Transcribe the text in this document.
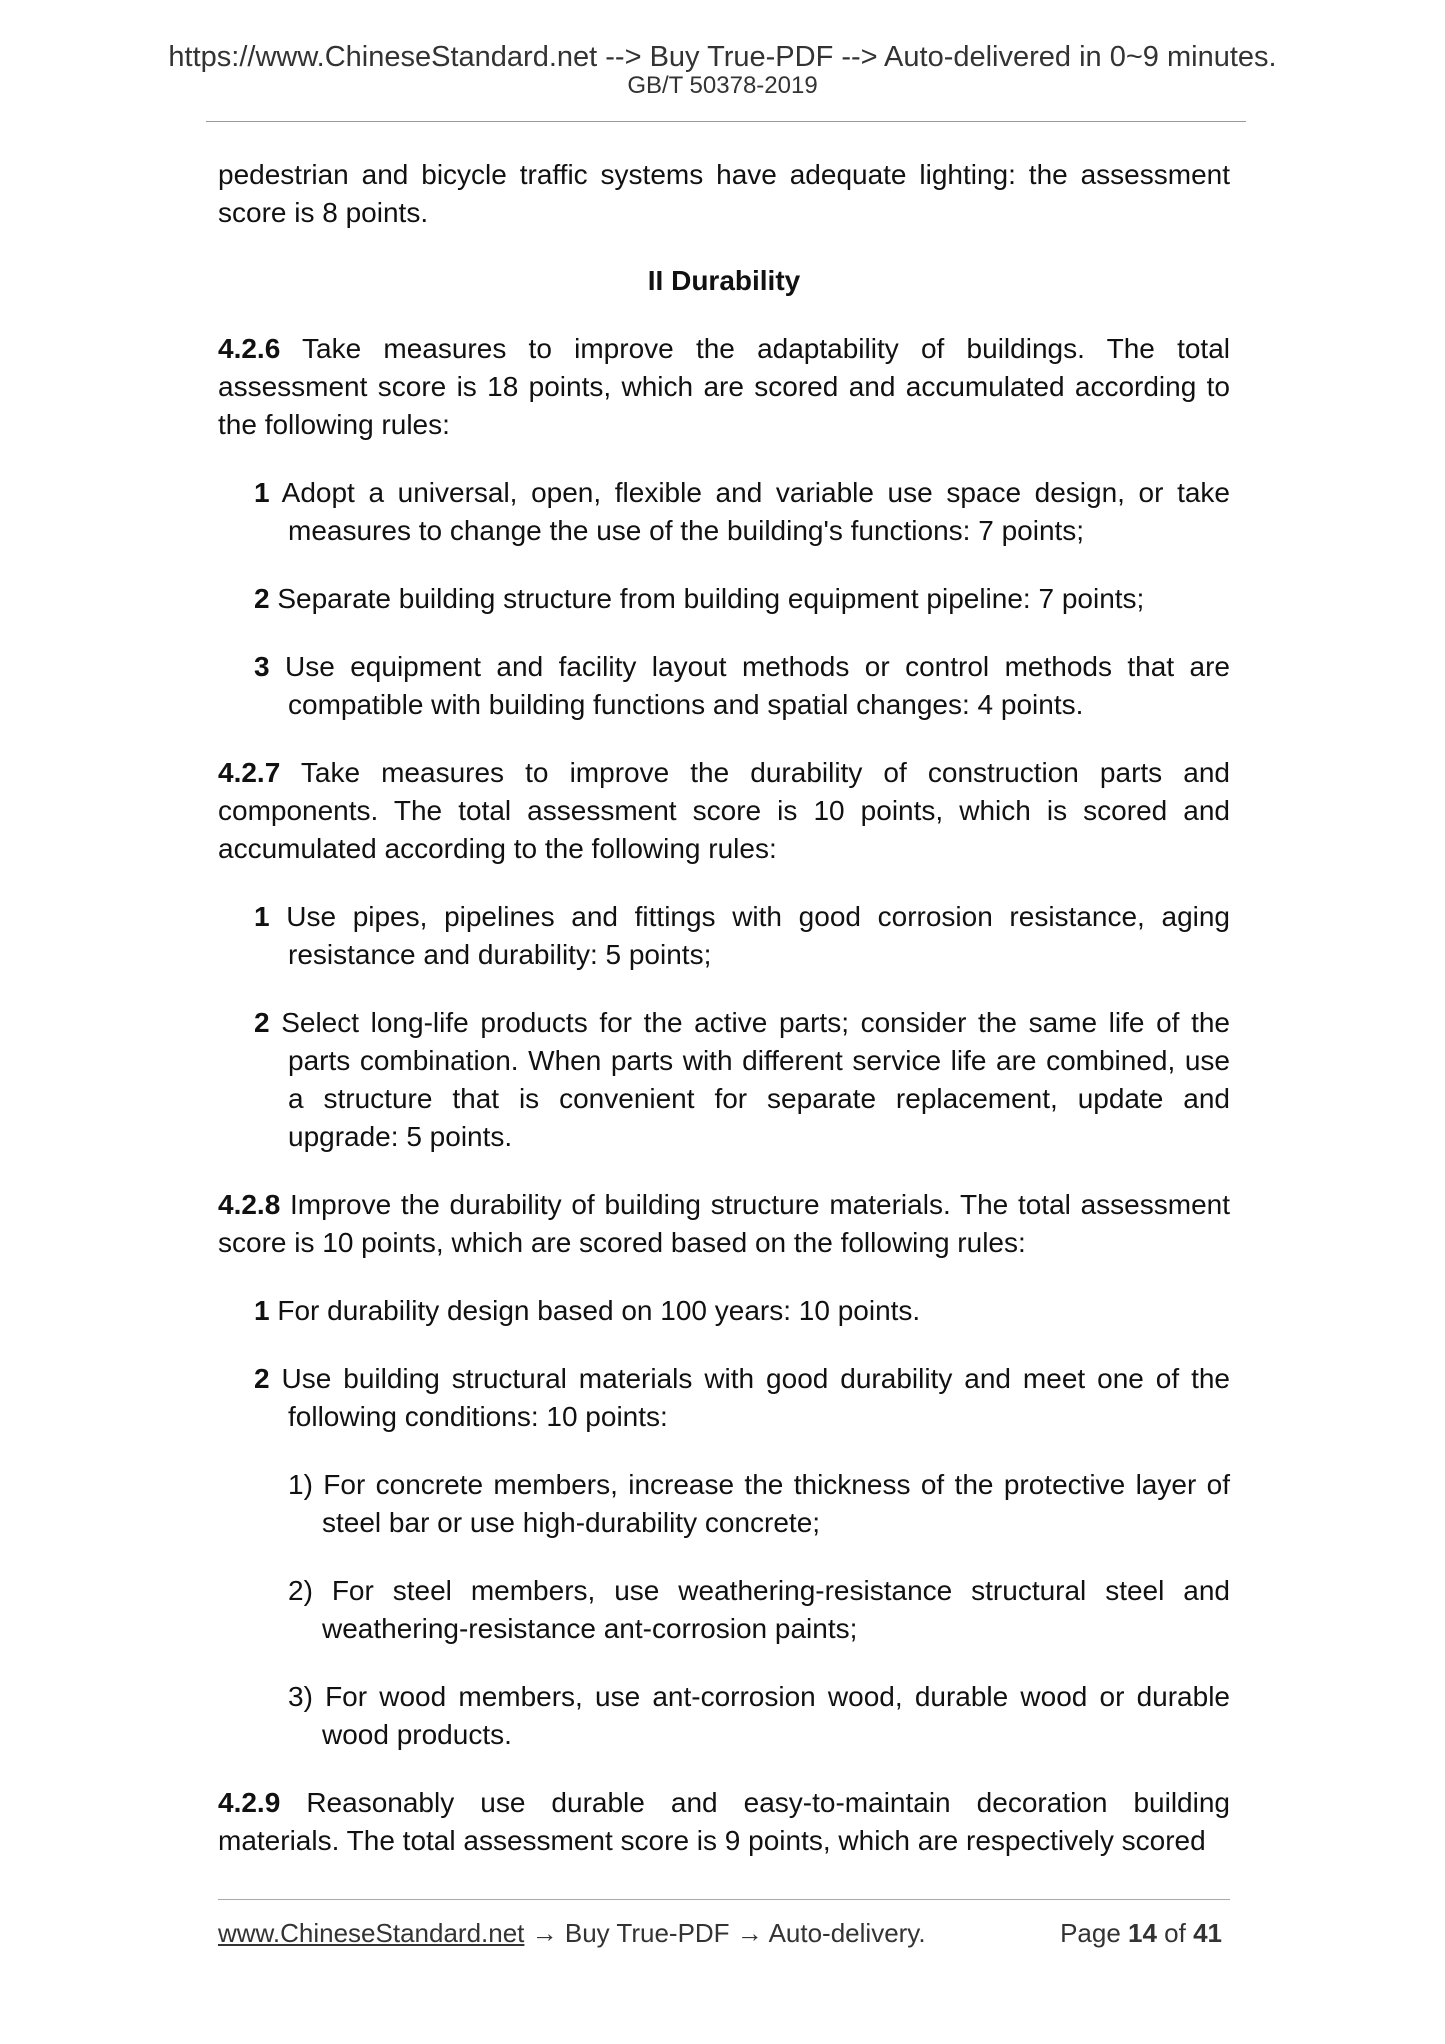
https://www.ChineseStandard.net --> Buy True-PDF --> Auto-delivered in 0~9 minutes.
GB/T 50378-2019

pedestrian and bicycle traffic systems have adequate lighting: the assessment score is 8 points.

II Durability

4.2.6 Take measures to improve the adaptability of buildings. The total assessment score is 18 points, which are scored and accumulated according to the following rules:

1 Adopt a universal, open, flexible and variable use space design, or take measures to change the use of the building's functions: 7 points;

2 Separate building structure from building equipment pipeline: 7 points;

3 Use equipment and facility layout methods or control methods that are compatible with building functions and spatial changes: 4 points.

4.2.7 Take measures to improve the durability of construction parts and components. The total assessment score is 10 points, which is scored and accumulated according to the following rules:

1 Use pipes, pipelines and fittings with good corrosion resistance, aging resistance and durability: 5 points;

2 Select long-life products for the active parts; consider the same life of the parts combination. When parts with different service life are combined, use a structure that is convenient for separate replacement, update and upgrade: 5 points.

4.2.8 Improve the durability of building structure materials. The total assessment score is 10 points, which are scored based on the following rules:

1 For durability design based on 100 years: 10 points.

2 Use building structural materials with good durability and meet one of the following conditions: 10 points:

1) For concrete members, increase the thickness of the protective layer of steel bar or use high-durability concrete;

2) For steel members, use weathering-resistance structural steel and weathering-resistance ant-corrosion paints;

3) For wood members, use ant-corrosion wood, durable wood or durable wood products.

4.2.9 Reasonably use durable and easy-to-maintain decoration building materials. The total assessment score is 9 points, which are respectively scored

www.ChineseStandard.net → Buy True-PDF → Auto-delivery.	Page 14 of 41
